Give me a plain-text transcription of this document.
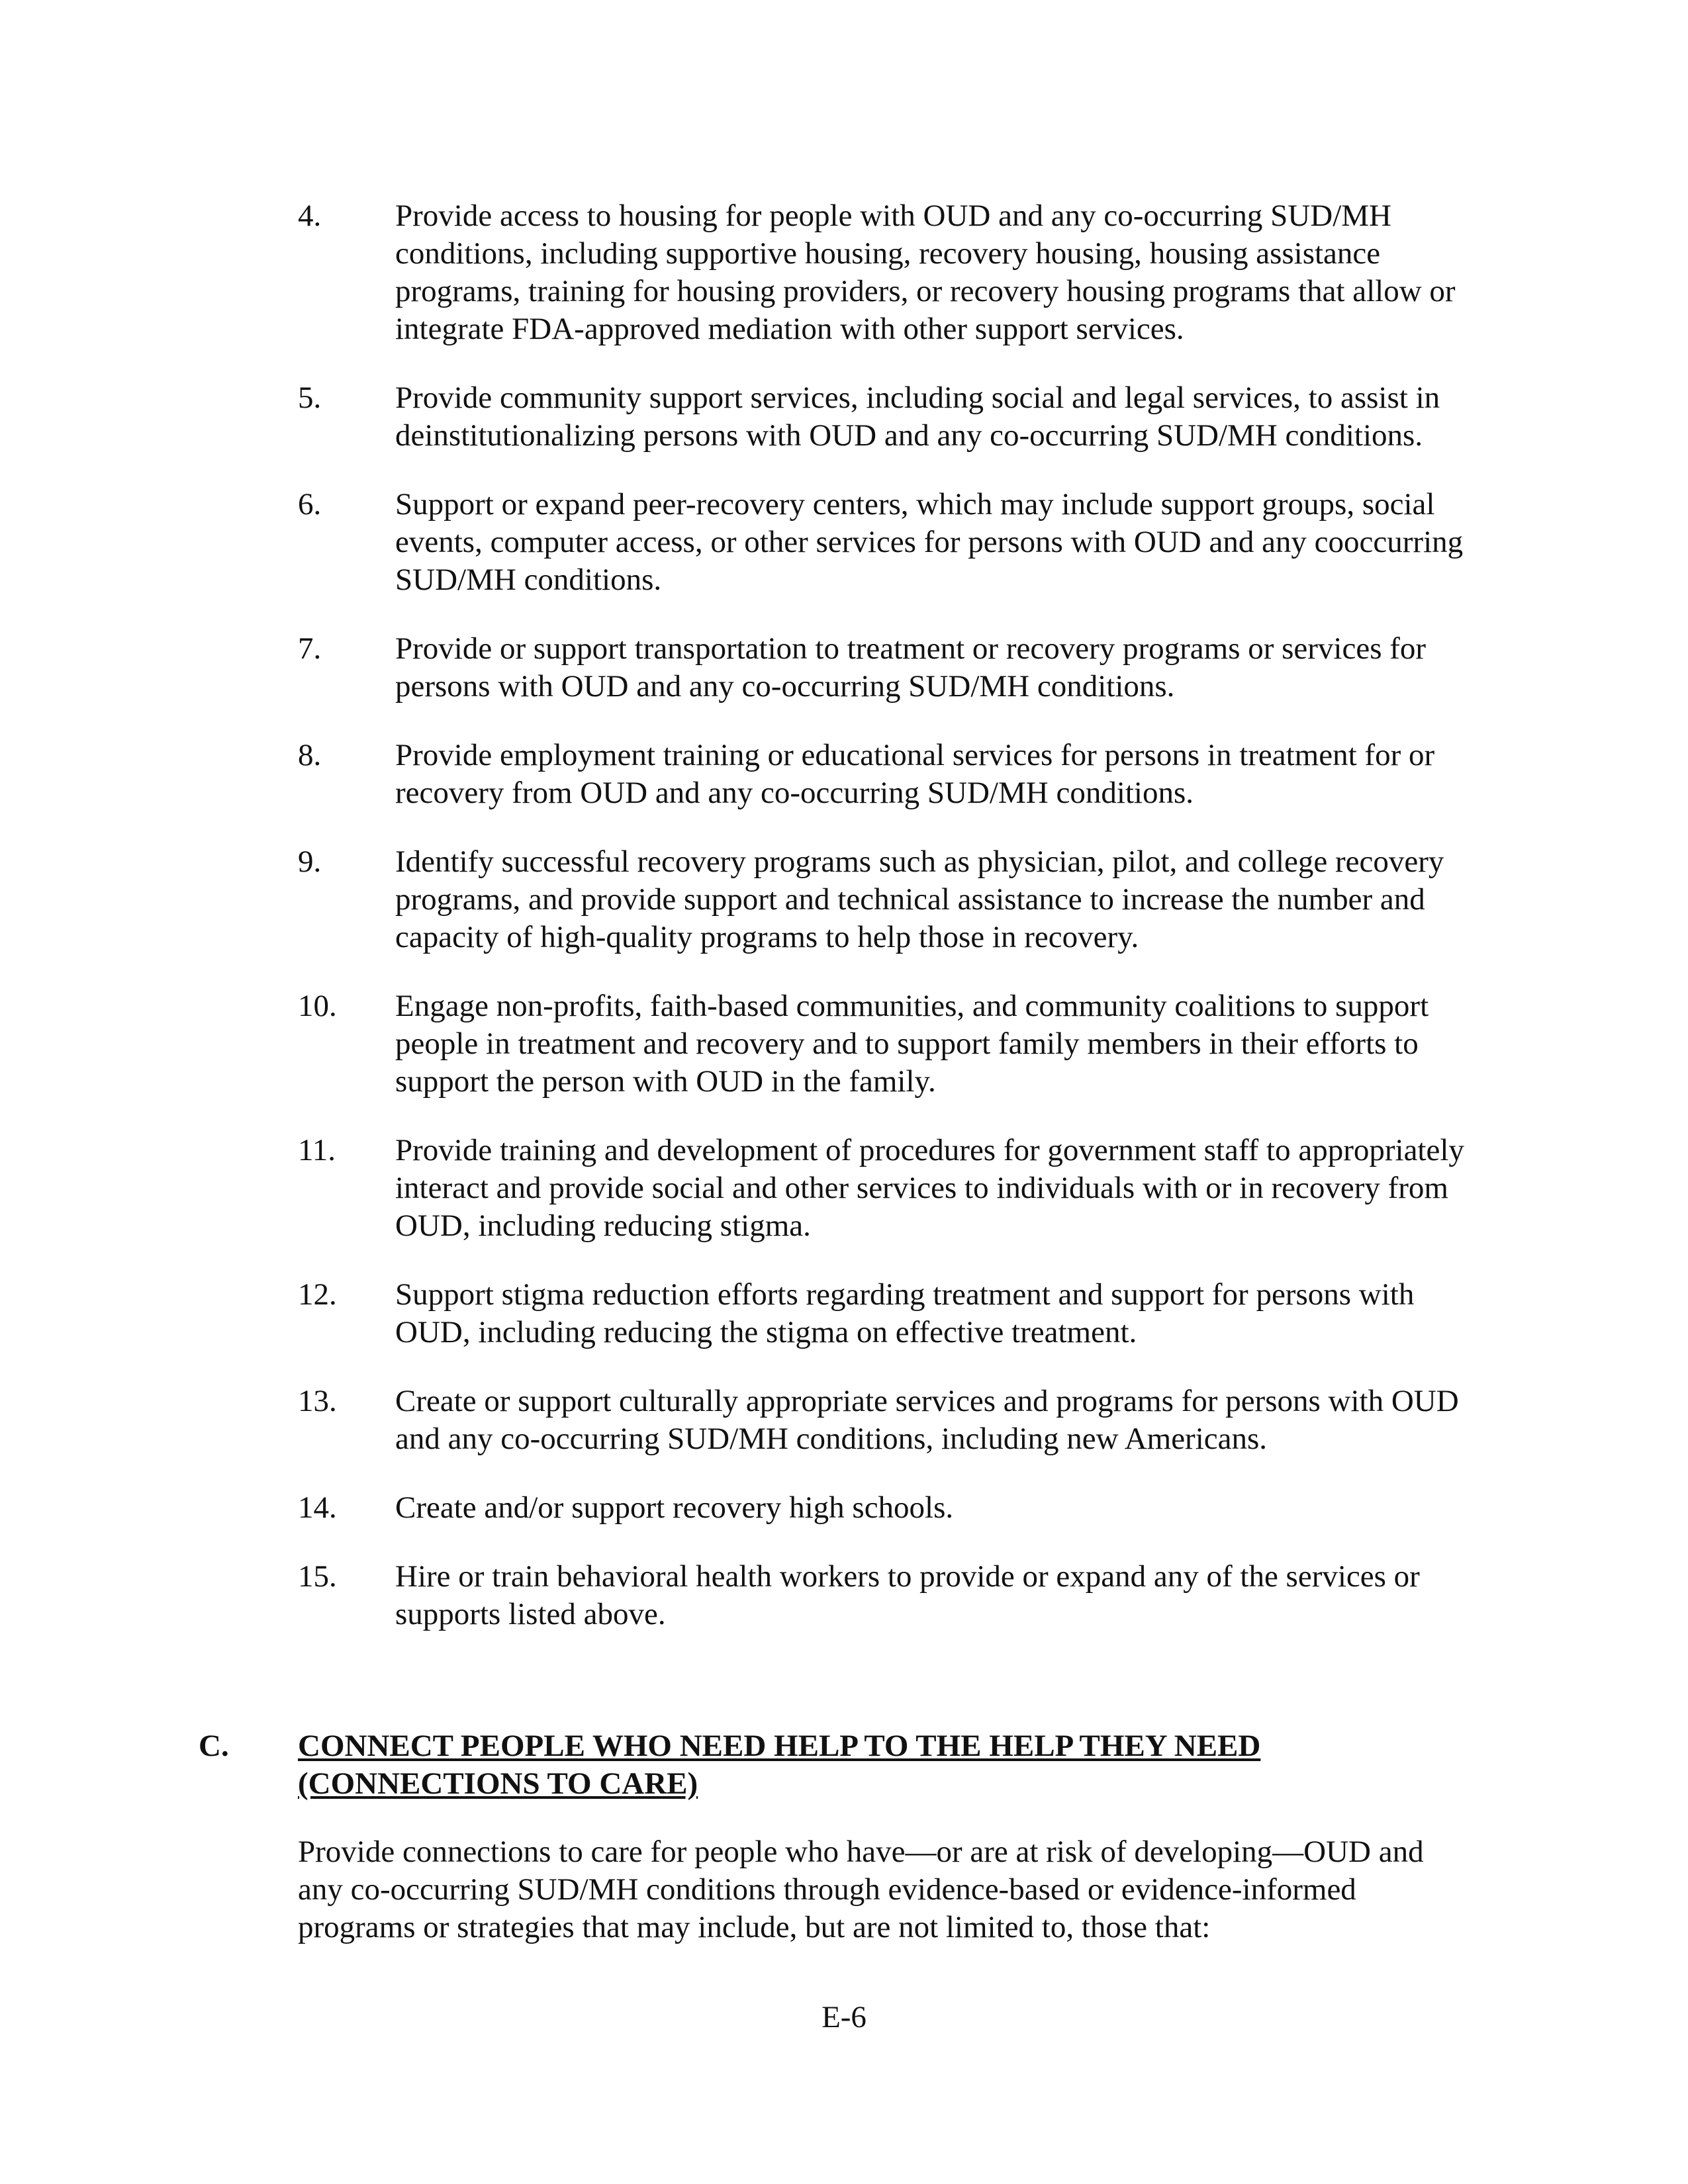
4.	Provide access to housing for people with OUD and any co-occurring SUD/MH conditions, including supportive housing, recovery housing, housing assistance programs, training for housing providers, or recovery housing programs that allow or integrate FDA-approved mediation with other support services.
5.	Provide community support services, including social and legal services, to assist in deinstitutionalizing persons with OUD and any co-occurring SUD/MH conditions.
6.	Support or expand peer-recovery centers, which may include support groups, social events, computer access, or other services for persons with OUD and any cooccurring SUD/MH conditions.
7.	Provide or support transportation to treatment or recovery programs or services for persons with OUD and any co-occurring SUD/MH conditions.
8.	Provide employment training or educational services for persons in treatment for or recovery from OUD and any co-occurring SUD/MH conditions.
9.	Identify successful recovery programs such as physician, pilot, and college recovery programs, and provide support and technical assistance to increase the number and capacity of high-quality programs to help those in recovery.
10.	Engage non-profits, faith-based communities, and community coalitions to support people in treatment and recovery and to support family members in their efforts to support the person with OUD in the family.
11.	Provide training and development of procedures for government staff to appropriately interact and provide social and other services to individuals with or in recovery from OUD, including reducing stigma.
12.	Support stigma reduction efforts regarding treatment and support for persons with OUD, including reducing the stigma on effective treatment.
13.	Create or support culturally appropriate services and programs for persons with OUD and any co-occurring SUD/MH conditions, including new Americans.
14.	Create and/or support recovery high schools.
15.	Hire or train behavioral health workers to provide or expand any of the services or supports listed above.
C.	CONNECT PEOPLE WHO NEED HELP TO THE HELP THEY NEED
(CONNECTIONS TO CARE)
Provide connections to care for people who have—or are at risk of developing—OUD and any co-occurring SUD/MH conditions through evidence-based or evidence-informed programs or strategies that may include, but are not limited to, those that:
E-6
